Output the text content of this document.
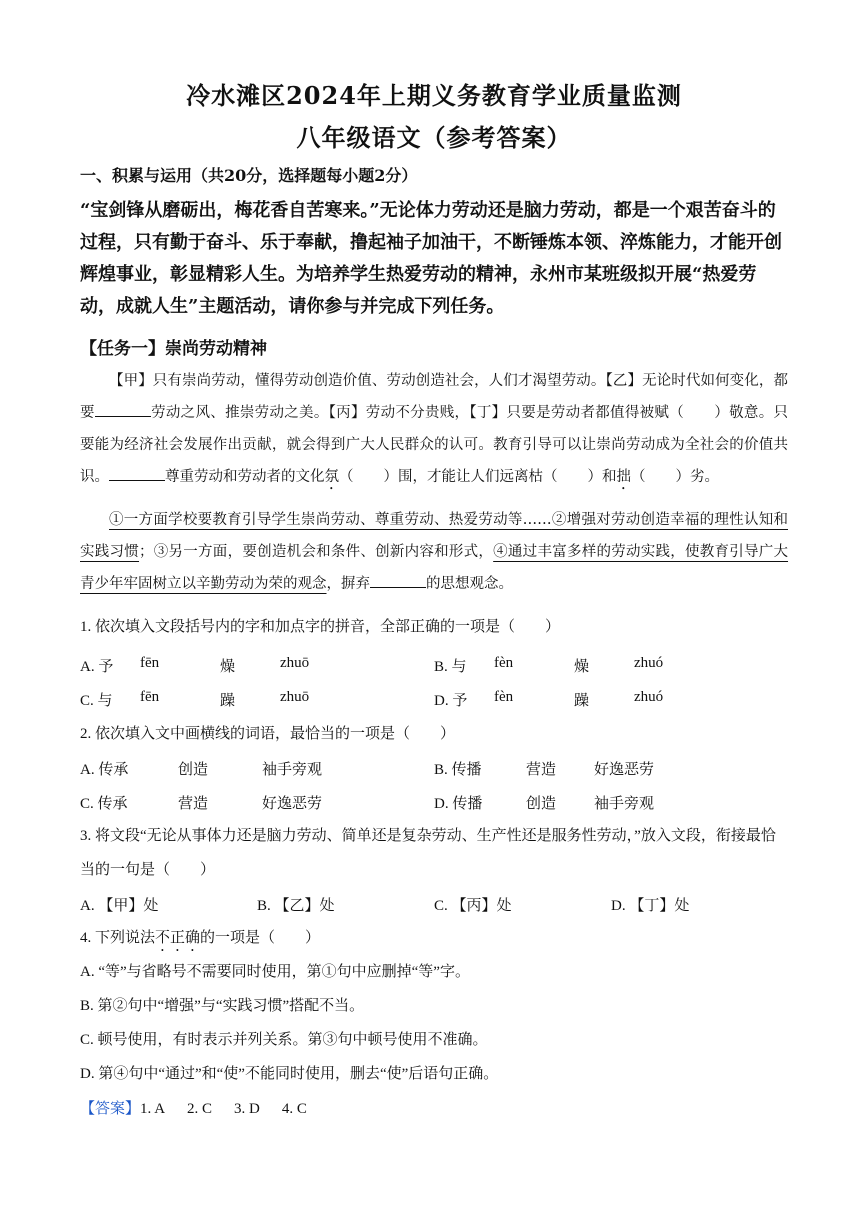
冷水滩区2024年上期义务教育学业质量监测
八年级语文（参考答案）
一、积累与运用（共20分，选择题每小题2分）
“宝剑锋从磨砺出，梅花香自苦寒来。”无论体力劳动还是脑力劳动，都是一个艰苦奋斗的过程，只有勤于奋斗、乐于奉献，撸起袖子加油干，不断锤炼本领、淬炼能力，才能开创辉煌事业，彰显精彩人生。为培养学生热爱劳动的精神，永州市某班级拟开展“热爱劳动，成就人生”主题活动，请你参与并完成下列任务。
【任务一】崇尚劳动精神
【甲】只有崇尚劳动，懂得劳动创造价值、劳动创造社会，人们才渴望劳动。【乙】无论时代如何变化，都要	劳动之风、推崇劳动之美。【丙】劳动不分贵贱，【丁】只要是劳动者都值得被赋（ ）敬意。只要能为经济社会发展作出贡献，就会得到广大人民群众的认可。教育引导可以让崇尚劳动成为全社会的价值共识。	尊重劳动和劳动者的文化氛（ ）围，才能让人们远离枯（ ）和拙（ ）劣。
①一方面学校要教育引导学生崇尚劳动、尊重劳动、热爱劳动等……②增强对劳动创造幸福的理性认知和实践习惯；③另一方面，要创造机会和条件、创新内容和形式，④通过丰富多样的劳动实践，使教育引导广大青少年牢固树立以辛勤劳动为荣的观念，摒弃	的思想观念。
1. 依次填入文段括号内的字和加点字的拼音，全部正确的一项是（　　）
A. 予	fēn	燥	zhuō	B. 与	fèn	燥	zhuó
C. 与	fēn	躁	zhuō	D. 予	fèn	躁	zhuó
2. 依次填入文中画横线的词语，最恰当的一项是（　　）
A. 传承	创造	袖手旁观	B. 传播	营造	好逸恶劳
C. 传承	营造	好逸恶劳	D. 传播	创造	袖手旁观
3. 将文段“无论从事体力还是脑力劳动、简单还是复杂劳动、生产性还是服务性劳动，”放入文段，衔接最恰当的一句是（　　）
A. 【甲】处	B. 【乙】处	C. 【丙】处	D. 【丁】处
4. 下列说法不正确的一项是（　　）
A. “等”与省略号不需要同时使用，第①句中应删掉“等”字。
B. 第②句中“增强”与“实践习惯”搭配不当。
C. 顿号使用，有时表示并列关系。第③句中顿号使用不准确。
D. 第④句中“通过”和“使”不能同时使用，删去“使”后语句正确。
【答案】1. A 2. C 3. D 4. C
